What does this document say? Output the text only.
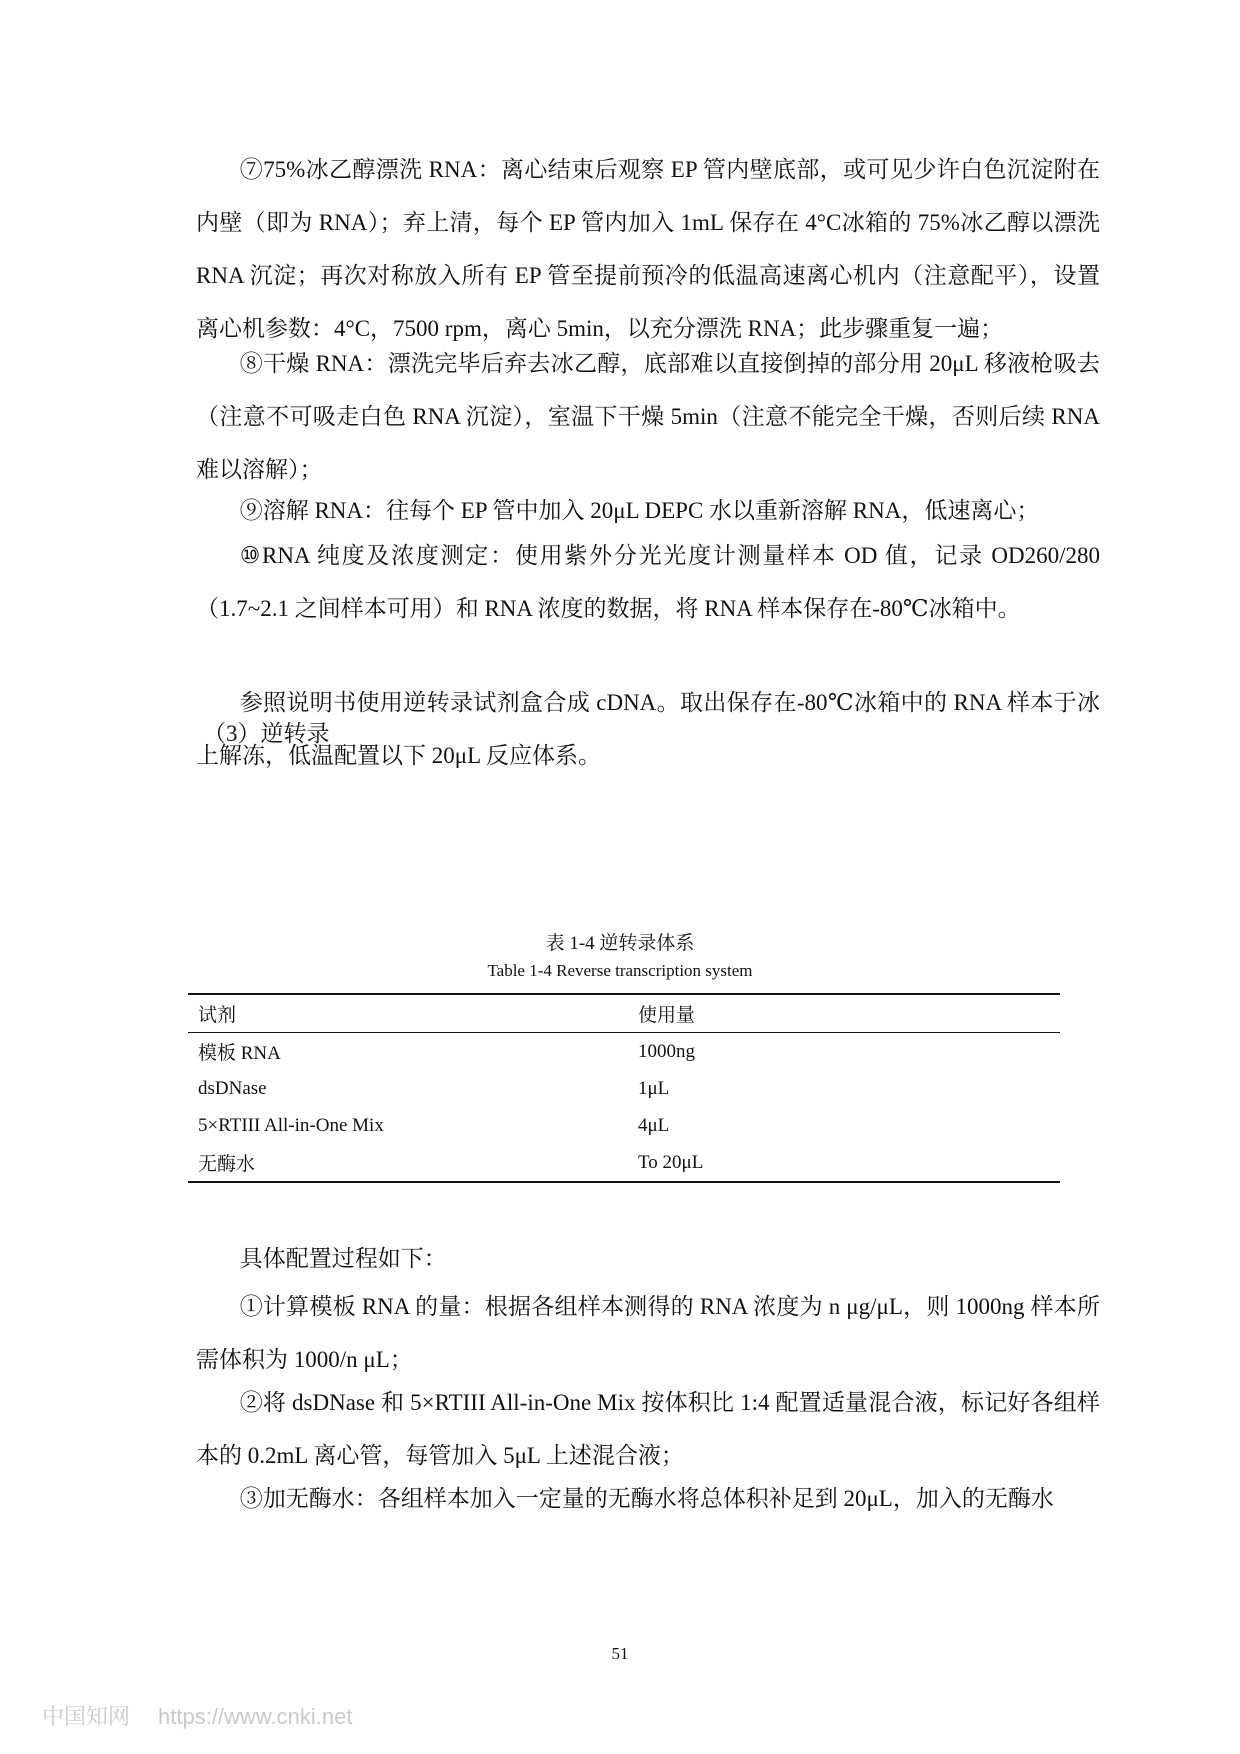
⑦75%冰乙醇漂洗 RNA：离心结束后观察 EP 管内壁底部，或可见少许白色沉淀附在内壁（即为 RNA）；弃上清，每个 EP 管内加入 1mL 保存在 4°C冰箱的 75%冰乙醇以漂洗 RNA 沉淀；再次对称放入所有 EP 管至提前预冷的低温高速离心机内（注意配平），设置离心机参数：4°C，7500 rpm，离心 5min，以充分漂洗 RNA；此步骤重复一遍；

⑧干燥 RNA：漂洗完毕后弃去冰乙醇，底部难以直接倒掉的部分用 20μL 移液枪吸去（注意不可吸走白色 RNA 沉淀），室温下干燥 5min（注意不能完全干燥，否则后续 RNA 难以溶解）；

⑨溶解 RNA：往每个 EP 管中加入 20μL DEPC 水以重新溶解 RNA，低速离心；

⑩RNA 纯度及浓度测定：使用紫外分光光度计测量样本 OD 值，记录 OD260/280（1.7~2.1 之间样本可用）和 RNA 浓度的数据，将 RNA 样本保存在-80℃冰箱中。

（3）逆转录

参照说明书使用逆转录试剂盒合成 cDNA。取出保存在-80℃冰箱中的 RNA 样本于冰上解冻，低温配置以下 20μL 反应体系。

表 1-4 逆转录体系

Table 1-4 Reverse transcription system

试剂	使用量
模板 RNA	1000ng
dsDNase	1μL
5×RTIII All-in-One Mix	4μL
无酶水	To 20μL

具体配置过程如下：

①计算模板 RNA 的量：根据各组样本测得的 RNA 浓度为 n μg/μL，则 1000ng 样本所需体积为 1000/n μL；

②将 dsDNase 和 5×RTIII All-in-One Mix 按体积比 1:4 配置适量混合液，标记好各组样本的 0.2mL 离心管，每管加入 5μL 上述混合液；

③加无酶水：各组样本加入一定量的无酶水将总体积补足到 20μL，加入的无酶水

51

中国知网 https://www.cnki.net
